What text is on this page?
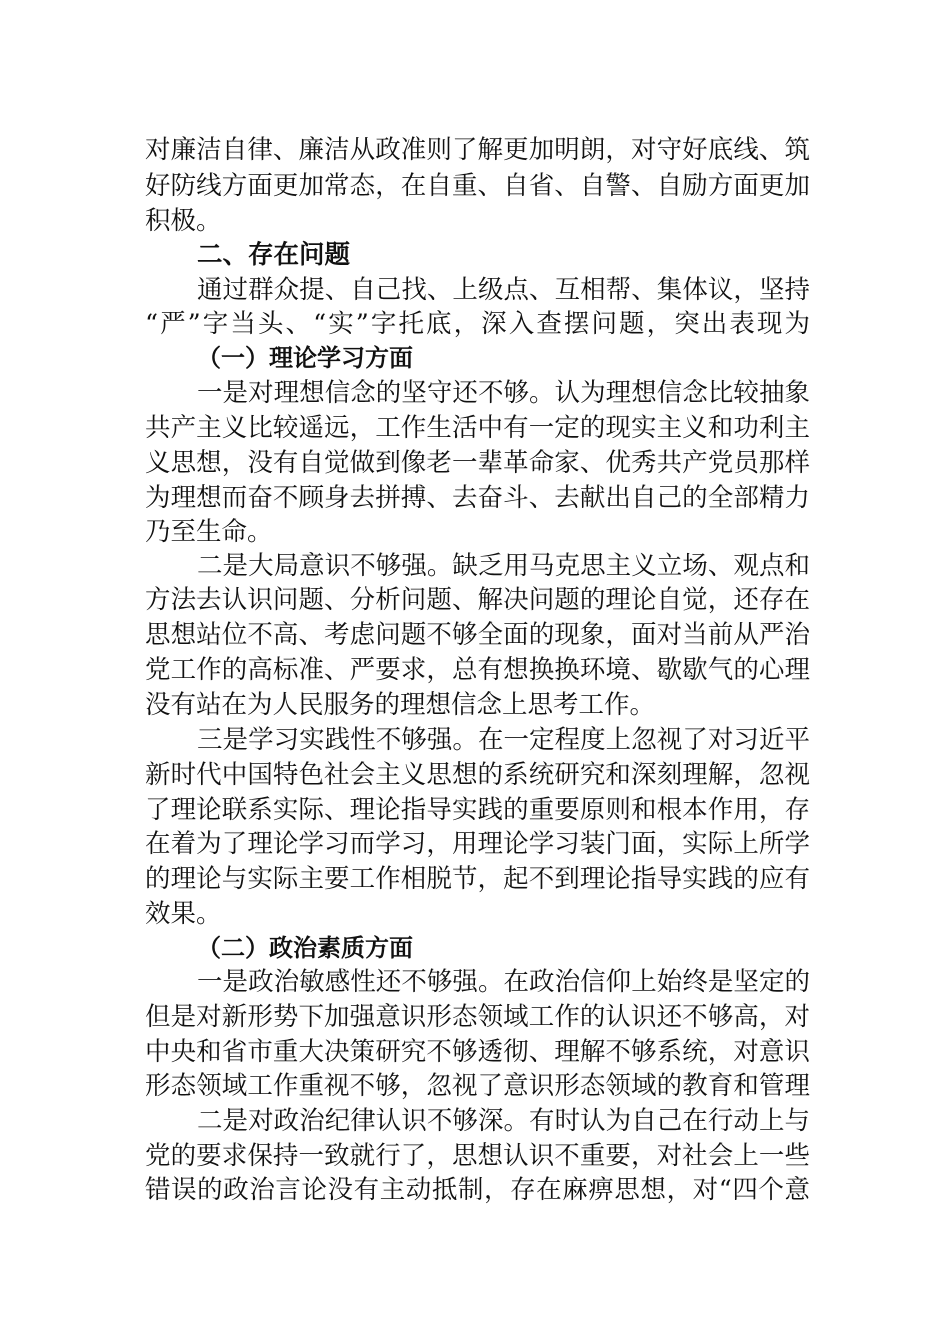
对廉洁自律、廉洁从政准则了解更加明朗，对守好底线、筑
好防线方面更加常态，在自重、自省、自警、自励方面更加
积极。
二、存在问题
通过群众提、自己找、上级点、互相帮、集体议，坚持
“严”字当头、“实”字托底，深入查摆问题，突出表现为
（一）理论学习方面
一是对理想信念的坚守还不够。认为理想信念比较抽象
共产主义比较遥远，工作生活中有一定的现实主义和功利主
义思想，没有自觉做到像老一辈革命家、优秀共产党员那样
为理想而奋不顾身去拼搏、去奋斗、去献出自己的全部精力
乃至生命。
二是大局意识不够强。缺乏用马克思主义立场、观点和
方法去认识问题、分析问题、解决问题的理论自觉，还存在
思想站位不高、考虑问题不够全面的现象，面对当前从严治
党工作的高标准、严要求，总有想换换环境、歇歇气的心理
没有站在为人民服务的理想信念上思考工作。
三是学习实践性不够强。在一定程度上忽视了对习近平
新时代中国特色社会主义思想的系统研究和深刻理解，忽视
了理论联系实际、理论指导实践的重要原则和根本作用，存
在着为了理论学习而学习，用理论学习装门面，实际上所学
的理论与实际主要工作相脱节，起不到理论指导实践的应有
效果。
（二）政治素质方面
一是政治敏感性还不够强。在政治信仰上始终是坚定的
但是对新形势下加强意识形态领域工作的认识还不够高，对
中央和省市重大决策研究不够透彻、理解不够系统，对意识
形态领域工作重视不够，忽视了意识形态领域的教育和管理
二是对政治纪律认识不够深。有时认为自己在行动上与
党的要求保持一致就行了，思想认识不重要，对社会上一些
错误的政治言论没有主动抵制，存在麻痹思想，对“四个意
